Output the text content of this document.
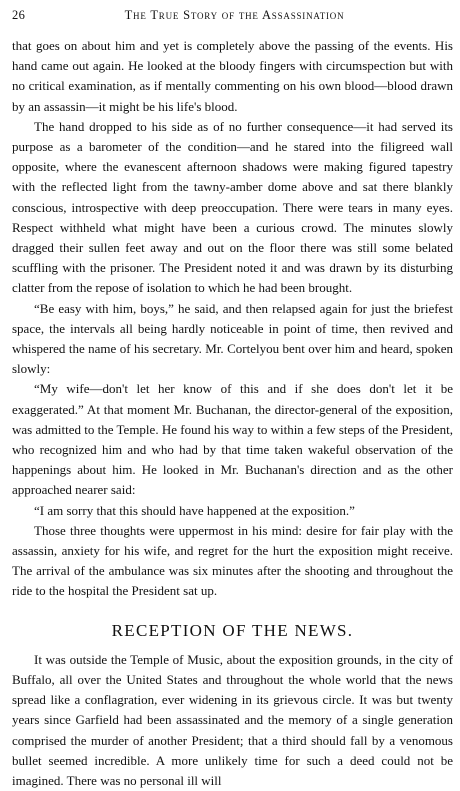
26	The True Story of the Assassination

that goes on about him and yet is completely above the passing of the events. His hand came out again. He looked at the bloody fingers with circumspection but with no critical examination, as if mentally commenting on his own blood—blood drawn by an assassin—it might be his life's blood.

The hand dropped to his side as of no further consequence—it had served its purpose as a barometer of the condition—and he stared into the filigreed wall opposite, where the evanescent afternoon shadows were making figured tapestry with the reflected light from the tawny-amber dome above and sat there blankly conscious, introspective with deep preoccupation. There were tears in many eyes. Respect withheld what might have been a curious crowd. The minutes slowly dragged their sullen feet away and out on the floor there was still some belated scuffling with the prisoner. The President noted it and was drawn by its disturbing clatter from the repose of isolation to which he had been brought.

“Be easy with him, boys,” he said, and then relapsed again for just the briefest space, the intervals all being hardly noticeable in point of time, then revived and whispered the name of his secretary. Mr. Cortelyou bent over him and heard, spoken slowly:

“My wife—don't let her know of this and if she does don't let it be exaggerated.” At that moment Mr. Buchanan, the director-general of the exposition, was admitted to the Temple. He found his way to within a few steps of the President, who recognized him and who had by that time taken wakeful observation of the happenings about him. He looked in Mr. Buchanan's direction and as the other approached nearer said:

“I am sorry that this should have happened at the exposition.”

Those three thoughts were uppermost in his mind: desire for fair play with the assassin, anxiety for his wife, and regret for the hurt the exposition might receive. The arrival of the ambulance was six minutes after the shooting and throughout the ride to the hospital the President sat up.

RECEPTION OF THE NEWS.

It was outside the Temple of Music, about the exposition grounds, in the city of Buffalo, all over the United States and throughout the whole world that the news spread like a conflagration, ever widening in its grievous circle. It was but twenty years since Garfield had been assassinated and the memory of a single generation comprised the murder of another President; that a third should fall by a venomous bullet seemed incredible. A more unlikely time for such a deed could not be imagined. There was no personal ill will
